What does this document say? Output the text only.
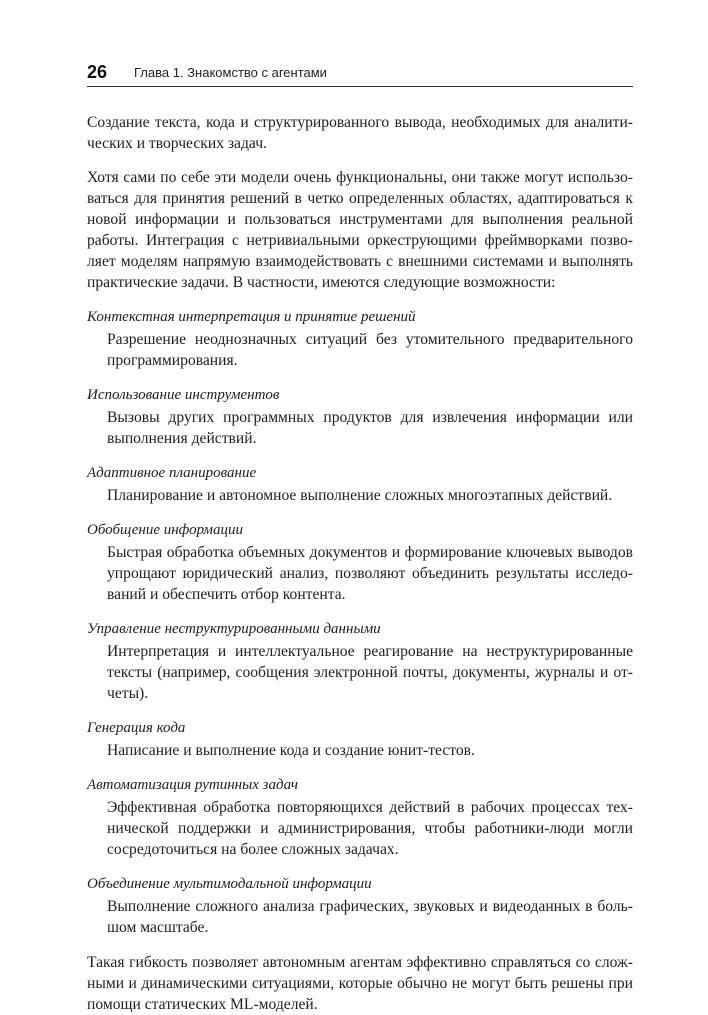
26 Глава 1. Знакомство с агентами

Создание текста, кода и структурированного вывода, необходимых для аналитических и творческих задач.

Хотя сами по себе эти модели очень функциональны, они также могут использоваться для принятия решений в четко определенных областях, адаптироваться к новой информации и пользоваться инструментами для выполнения реальной работы. Интеграция с нетривиальными оркеструющими фреймворками позволяет моделям напрямую взаимодействовать с внешними системами и выполнять практические задачи. В частности, имеются следующие возможности:

Контекстная интерпретация и принятие решений

Разрешение неоднозначных ситуаций без утомительного предварительного программирования.

Использование инструментов

Вызовы других программных продуктов для извлечения информации или выполнения действий.

Адаптивное планирование

Планирование и автономное выполнение сложных многоэтапных действий.

Обобщение информации

Быстрая обработка объемных документов и формирование ключевых выводов упрощают юридический анализ, позволяют объединить результаты исследований и обеспечить отбор контента.

Управление неструктурированными данными

Интерпретация и интеллектуальное реагирование на неструктурированные тексты (например, сообщения электронной почты, документы, журналы и отчеты).

Генерация кода

Написание и выполнение кода и создание юнит-тестов.

Автоматизация рутинных задач

Эффективная обработка повторяющихся действий в рабочих процессах технической поддержки и администрирования, чтобы работники-люди могли сосредоточиться на более сложных задачах.

Объединение мультимодальной информации

Выполнение сложного анализа графических, звуковых и видеоданных в большом масштабе.

Такая гибкость позволяет автономным агентам эффективно справляться со сложными и динамическими ситуациями, которые обычно не могут быть решены при помощи статических ML-моделей.
